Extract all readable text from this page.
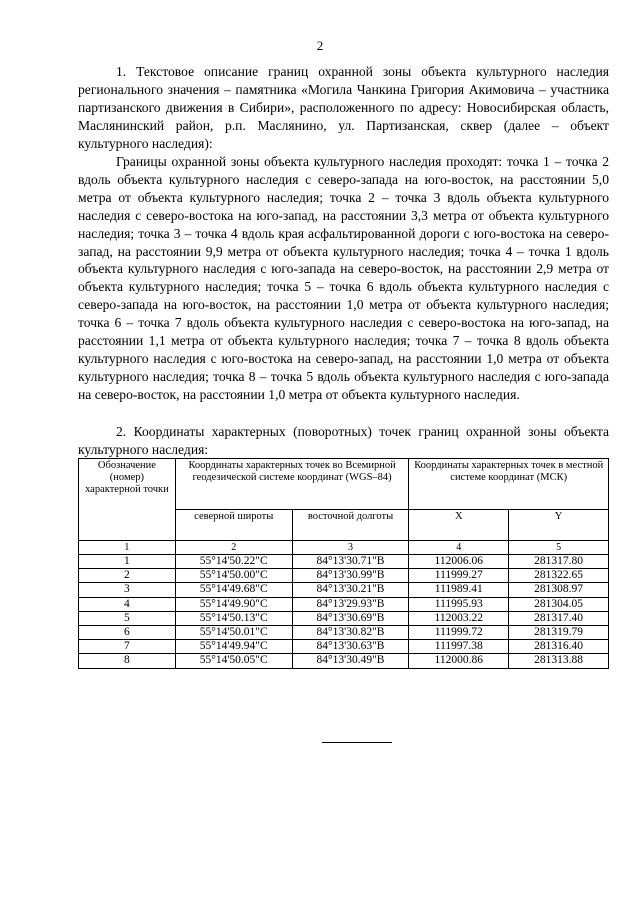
2

1. Текстовое описание границ охранной зоны объекта культурного наследия регионального значения – памятника «Могила Чанкина Григория Акимовича – участника партизанского движения в Сибири», расположенного по адресу: Новосибирская область, Маслянинский район, р.п. Маслянино, ул. Партизанская, сквер (далее – объект культурного наследия):

Границы охранной зоны объекта культурного наследия проходят: точка 1 – точка 2 вдоль объекта культурного наследия с северо-запада на юго-восток, на расстоянии 5,0 метра от объекта культурного наследия; точка 2 – точка 3 вдоль объекта культурного наследия с северо-востока на юго-запад, на расстоянии 3,3 метра от объекта культурного наследия; точка 3 – точка 4 вдоль края асфальтированной дороги с юго-востока на северо-запад, на расстоянии 9,9 метра от объекта культурного наследия; точка 4 – точка 1 вдоль объекта культурного наследия с юго-запада на северо-восток, на расстоянии 2,9 метра от объекта культурного наследия; точка 5 – точка 6 вдоль объекта культурного наследия с северо-запада на юго-восток, на расстоянии 1,0 метра от объекта культурного наследия; точка 6 – точка 7 вдоль объекта культурного наследия с северо-востока на юго-запад, на расстоянии 1,1 метра от объекта культурного наследия; точка 7 – точка 8 вдоль объекта культурного наследия с юго-востока на северо-запад, на расстоянии 1,0 метра от объекта культурного наследия; точка 8 – точка 5 вдоль объекта культурного наследия с юго-запада на северо-восток, на расстоянии 1,0 метра от объекта культурного наследия.

2. Координаты характерных (поворотных) точек границ охранной зоны объекта культурного наследия:

Обозначение (номер) характерной точки	Координаты характерных точек во Всемирной геодезической системе координат (WGS–84)		Координаты характерных точек в местной системе координат (МСК)	
	северной широты	восточной долготы	X	Y
1	2	3	4	5
1	55°14'50.22"С	84°13'30.71"В	112006.06	281317.80
2	55°14'50.00"С	84°13'30.99"В	111999.27	281322.65
3	55°14'49.68"С	84°13'30.21"В	111989.41	281308.97
4	55°14'49.90"С	84°13'29.93"В	111995.93	281304.05
5	55°14'50.13"С	84°13'30.69"В	112003.22	281317.40
6	55°14'50.01"С	84°13'30.82"В	111999.72	281319.79
7	55°14'49.94"С	84°13'30.63"В	111997.38	281316.40
8	55°14'50.05"С	84°13'30.49"В	112000.86	281313.88
